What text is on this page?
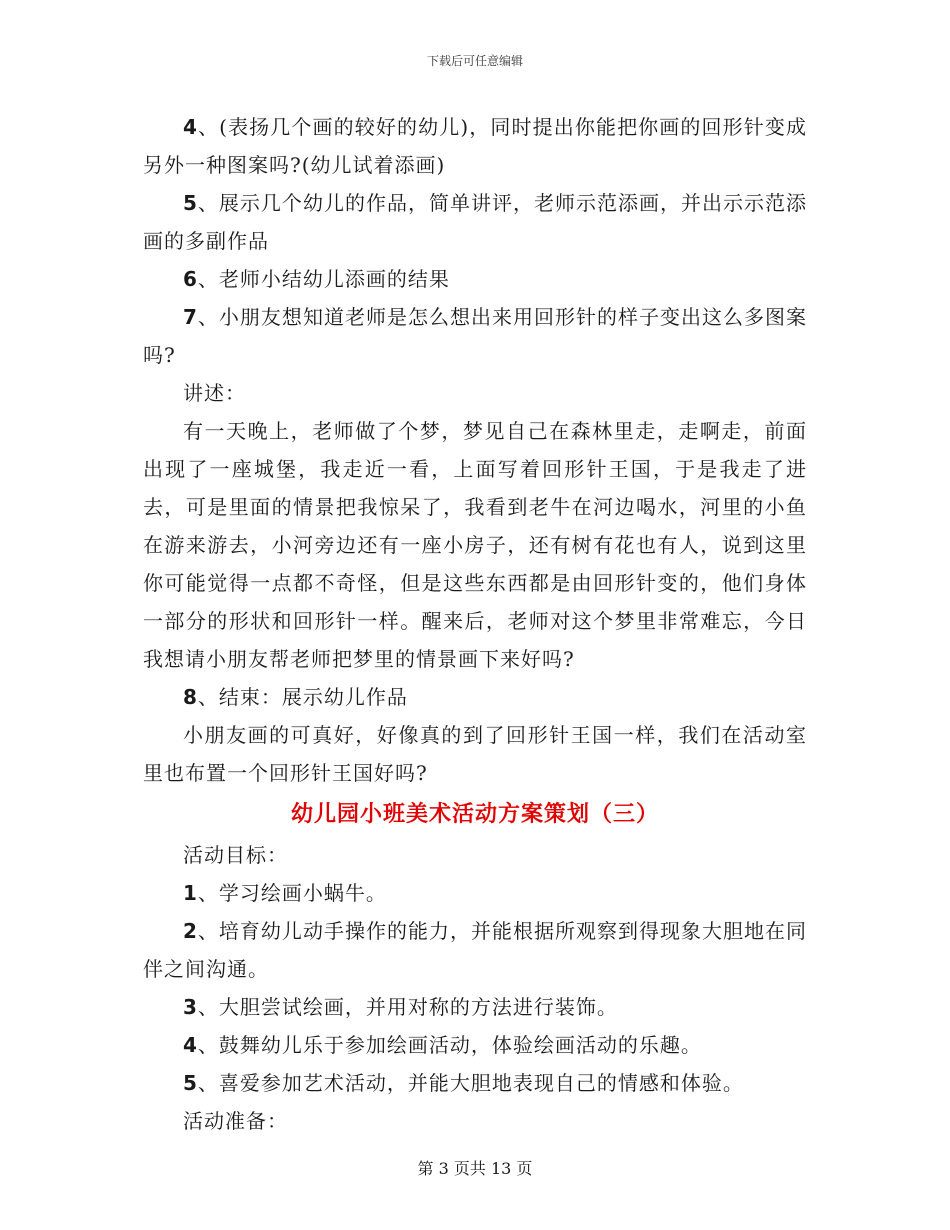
下载后可任意编辑

4、(表扬几个画的较好的幼儿)，同时提出你能把你画的回形针变成另外一种图案吗?(幼儿试着添画)

5、展示几个幼儿的作品，简单讲评，老师示范添画，并出示示范添画的多副作品

6、老师小结幼儿添画的结果

7、小朋友想知道老师是怎么想出来用回形针的样子变出这么多图案吗?

讲述：

有一天晚上，老师做了个梦，梦见自己在森林里走，走啊走，前面出现了一座城堡，我走近一看，上面写着回形针王国，于是我走了进去，可是里面的情景把我惊呆了，我看到老牛在河边喝水，河里的小鱼在游来游去，小河旁边还有一座小房子，还有树有花也有人，说到这里你可能觉得一点都不奇怪，但是这些东西都是由回形针变的，他们身体一部分的形状和回形针一样。醒来后，老师对这个梦里非常难忘，今日我想请小朋友帮老师把梦里的情景画下来好吗?

8、结束：展示幼儿作品

小朋友画的可真好，好像真的到了回形针王国一样，我们在活动室里也布置一个回形针王国好吗?

幼儿园小班美术活动方案策划（三）

活动目标：

1、学习绘画小蜗牛。

2、培育幼儿动手操作的能力，并能根据所观察到得现象大胆地在同伴之间沟通。

3、大胆尝试绘画，并用对称的方法进行装饰。

4、鼓舞幼儿乐于参加绘画活动，体验绘画活动的乐趣。

5、喜爱参加艺术活动，并能大胆地表现自己的情感和体验。

活动准备：

第 3 页共 13 页
